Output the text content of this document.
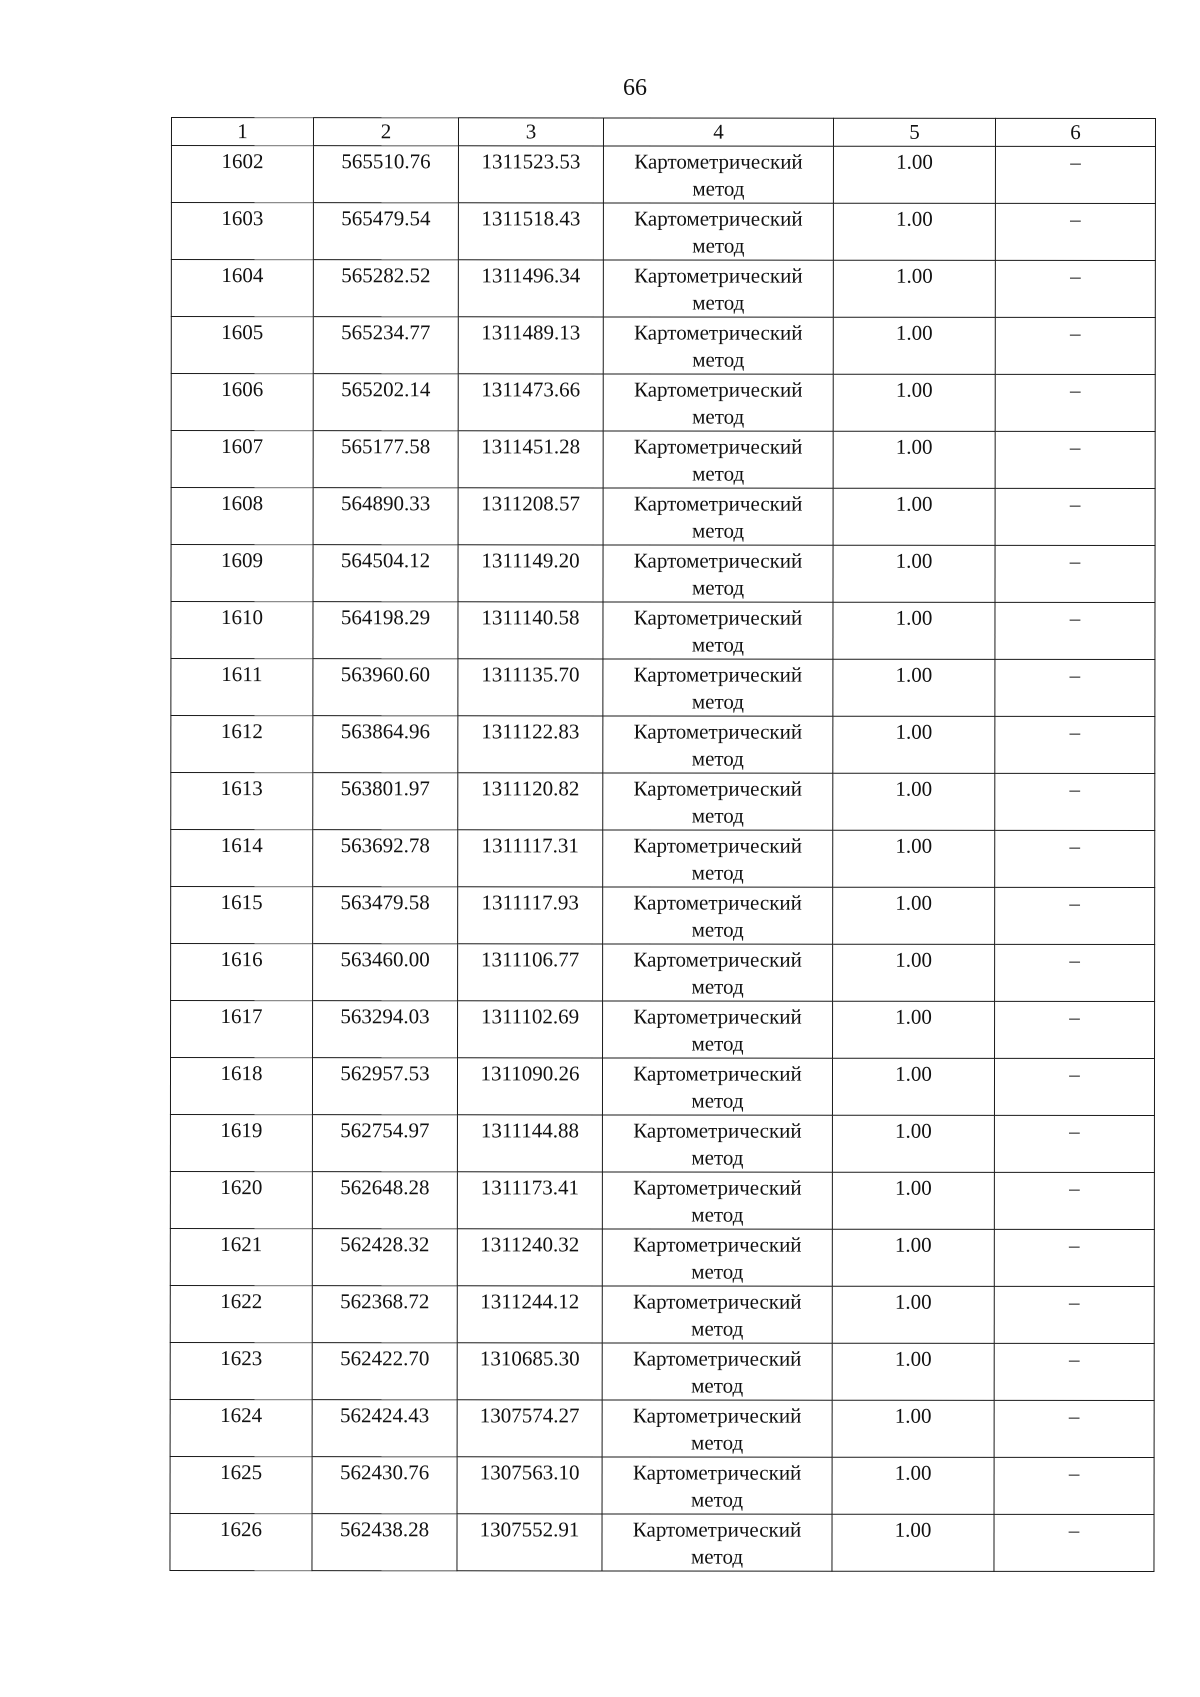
66
1	2	3	4	5	6
1602	565510.76	1311523.53	Картометрический метод	1.00	–
1603	565479.54	1311518.43	Картометрический метод	1.00	–
1604	565282.52	1311496.34	Картометрический метод	1.00	–
1605	565234.77	1311489.13	Картометрический метод	1.00	–
1606	565202.14	1311473.66	Картометрический метод	1.00	–
1607	565177.58	1311451.28	Картометрический метод	1.00	–
1608	564890.33	1311208.57	Картометрический метод	1.00	–
1609	564504.12	1311149.20	Картометрический метод	1.00	–
1610	564198.29	1311140.58	Картометрический метод	1.00	–
1611	563960.60	1311135.70	Картометрический метод	1.00	–
1612	563864.96	1311122.83	Картометрический метод	1.00	–
1613	563801.97	1311120.82	Картометрический метод	1.00	–
1614	563692.78	1311117.31	Картометрический метод	1.00	–
1615	563479.58	1311117.93	Картометрический метод	1.00	–
1616	563460.00	1311106.77	Картометрический метод	1.00	–
1617	563294.03	1311102.69	Картометрический метод	1.00	–
1618	562957.53	1311090.26	Картометрический метод	1.00	–
1619	562754.97	1311144.88	Картометрический метод	1.00	–
1620	562648.28	1311173.41	Картометрический метод	1.00	–
1621	562428.32	1311240.32	Картометрический метод	1.00	–
1622	562368.72	1311244.12	Картометрический метод	1.00	–
1623	562422.70	1310685.30	Картометрический метод	1.00	–
1624	562424.43	1307574.27	Картометрический метод	1.00	–
1625	562430.76	1307563.10	Картометрический метод	1.00	–
1626	562438.28	1307552.91	Картометрический метод	1.00	–
